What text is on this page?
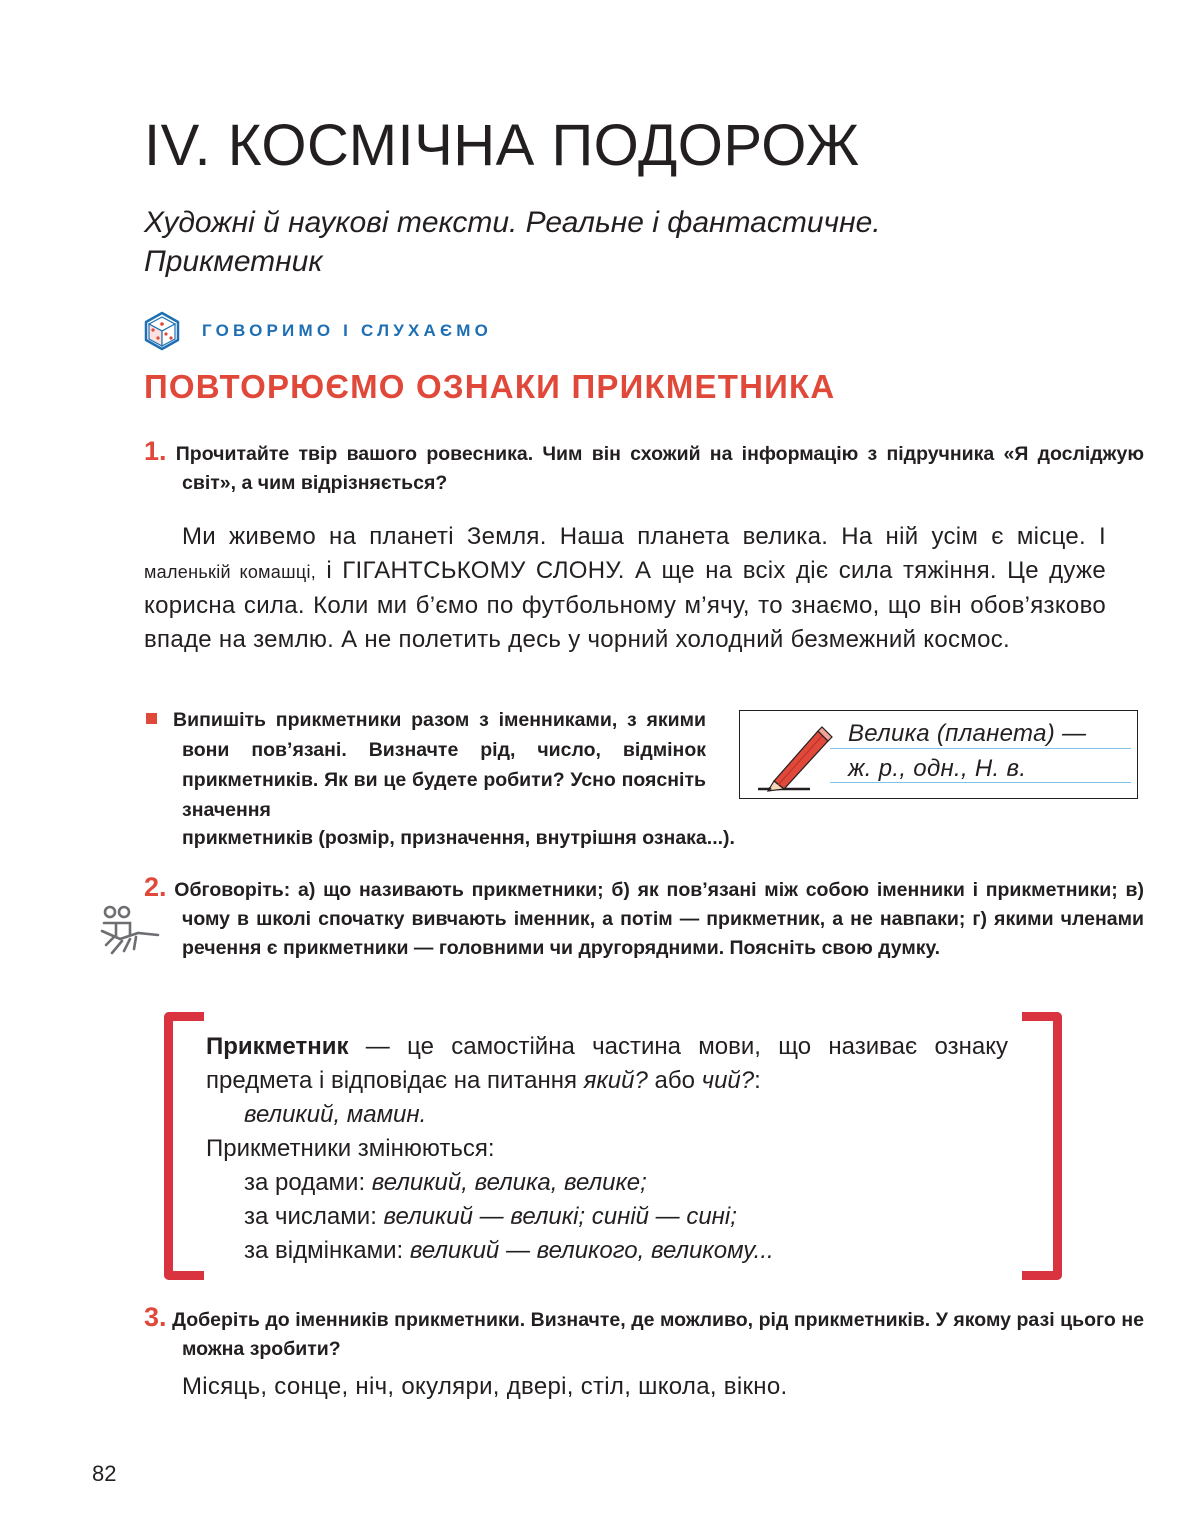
IV. КОСМІЧНА ПОДОРОЖ
Художні й наукові тексти. Реальне і фантастичне.
Прикметник
ГОВОРИМО І СЛУХАЄМО
ПОВТОРЮЄМО ОЗНАКИ ПРИКМЕТНИКА
1. Прочитайте твір вашого ровесника. Чим він схожий на інформацію з підручника «Я досліджую світ», а чим відрізняється?
Ми живемо на планеті Земля. Наша планета велика. На ній усім є місце. І маленькій комашці, і ГІГАНТСЬКОМУ СЛОНУ. А ще на всіх діє сила тяжіння. Це дуже корисна сила. Коли ми б’ємо по футбольному м’ячу, то знаємо, що він обов’язково впаде на землю. А не полетить десь у чорний холодний безмежний космос.
Випишіть прикметники разом з іменниками, з якими вони пов’язані. Визначте рід, число, відмінок прикметників. Як ви це будете робити? Усно поясніть значення
прикметників (розмір, призначення, внутрішня ознака...).
Велика (планета) —
ж. р., одн., Н. в.
2. Обговоріть: а) що називають прикметники; б) як пов’язані між собою іменники і прикметники; в) чому в школі спочатку вивчають іменник, а потім — прикметник, а не навпаки; г) якими членами речення є прикметники — головними чи другорядними. Поясніть свою думку.
Прикметник — це самостійна частина мови, що називає ознаку предмета і відповідає на питання який? або чий?:
великий, мамин.
Прикметники змінюються:
за родами: великий, велика, велике;
за числами: великий — великі; синій — сині;
за відмінками: великий — великого, великому...
3. Доберіть до іменників прикметники. Визначте, де можливо, рід прикметників. У якому разі цього не можна зробити?
Місяць, сонце, ніч, окуляри, двері, стіл, школа, вікно.
82
